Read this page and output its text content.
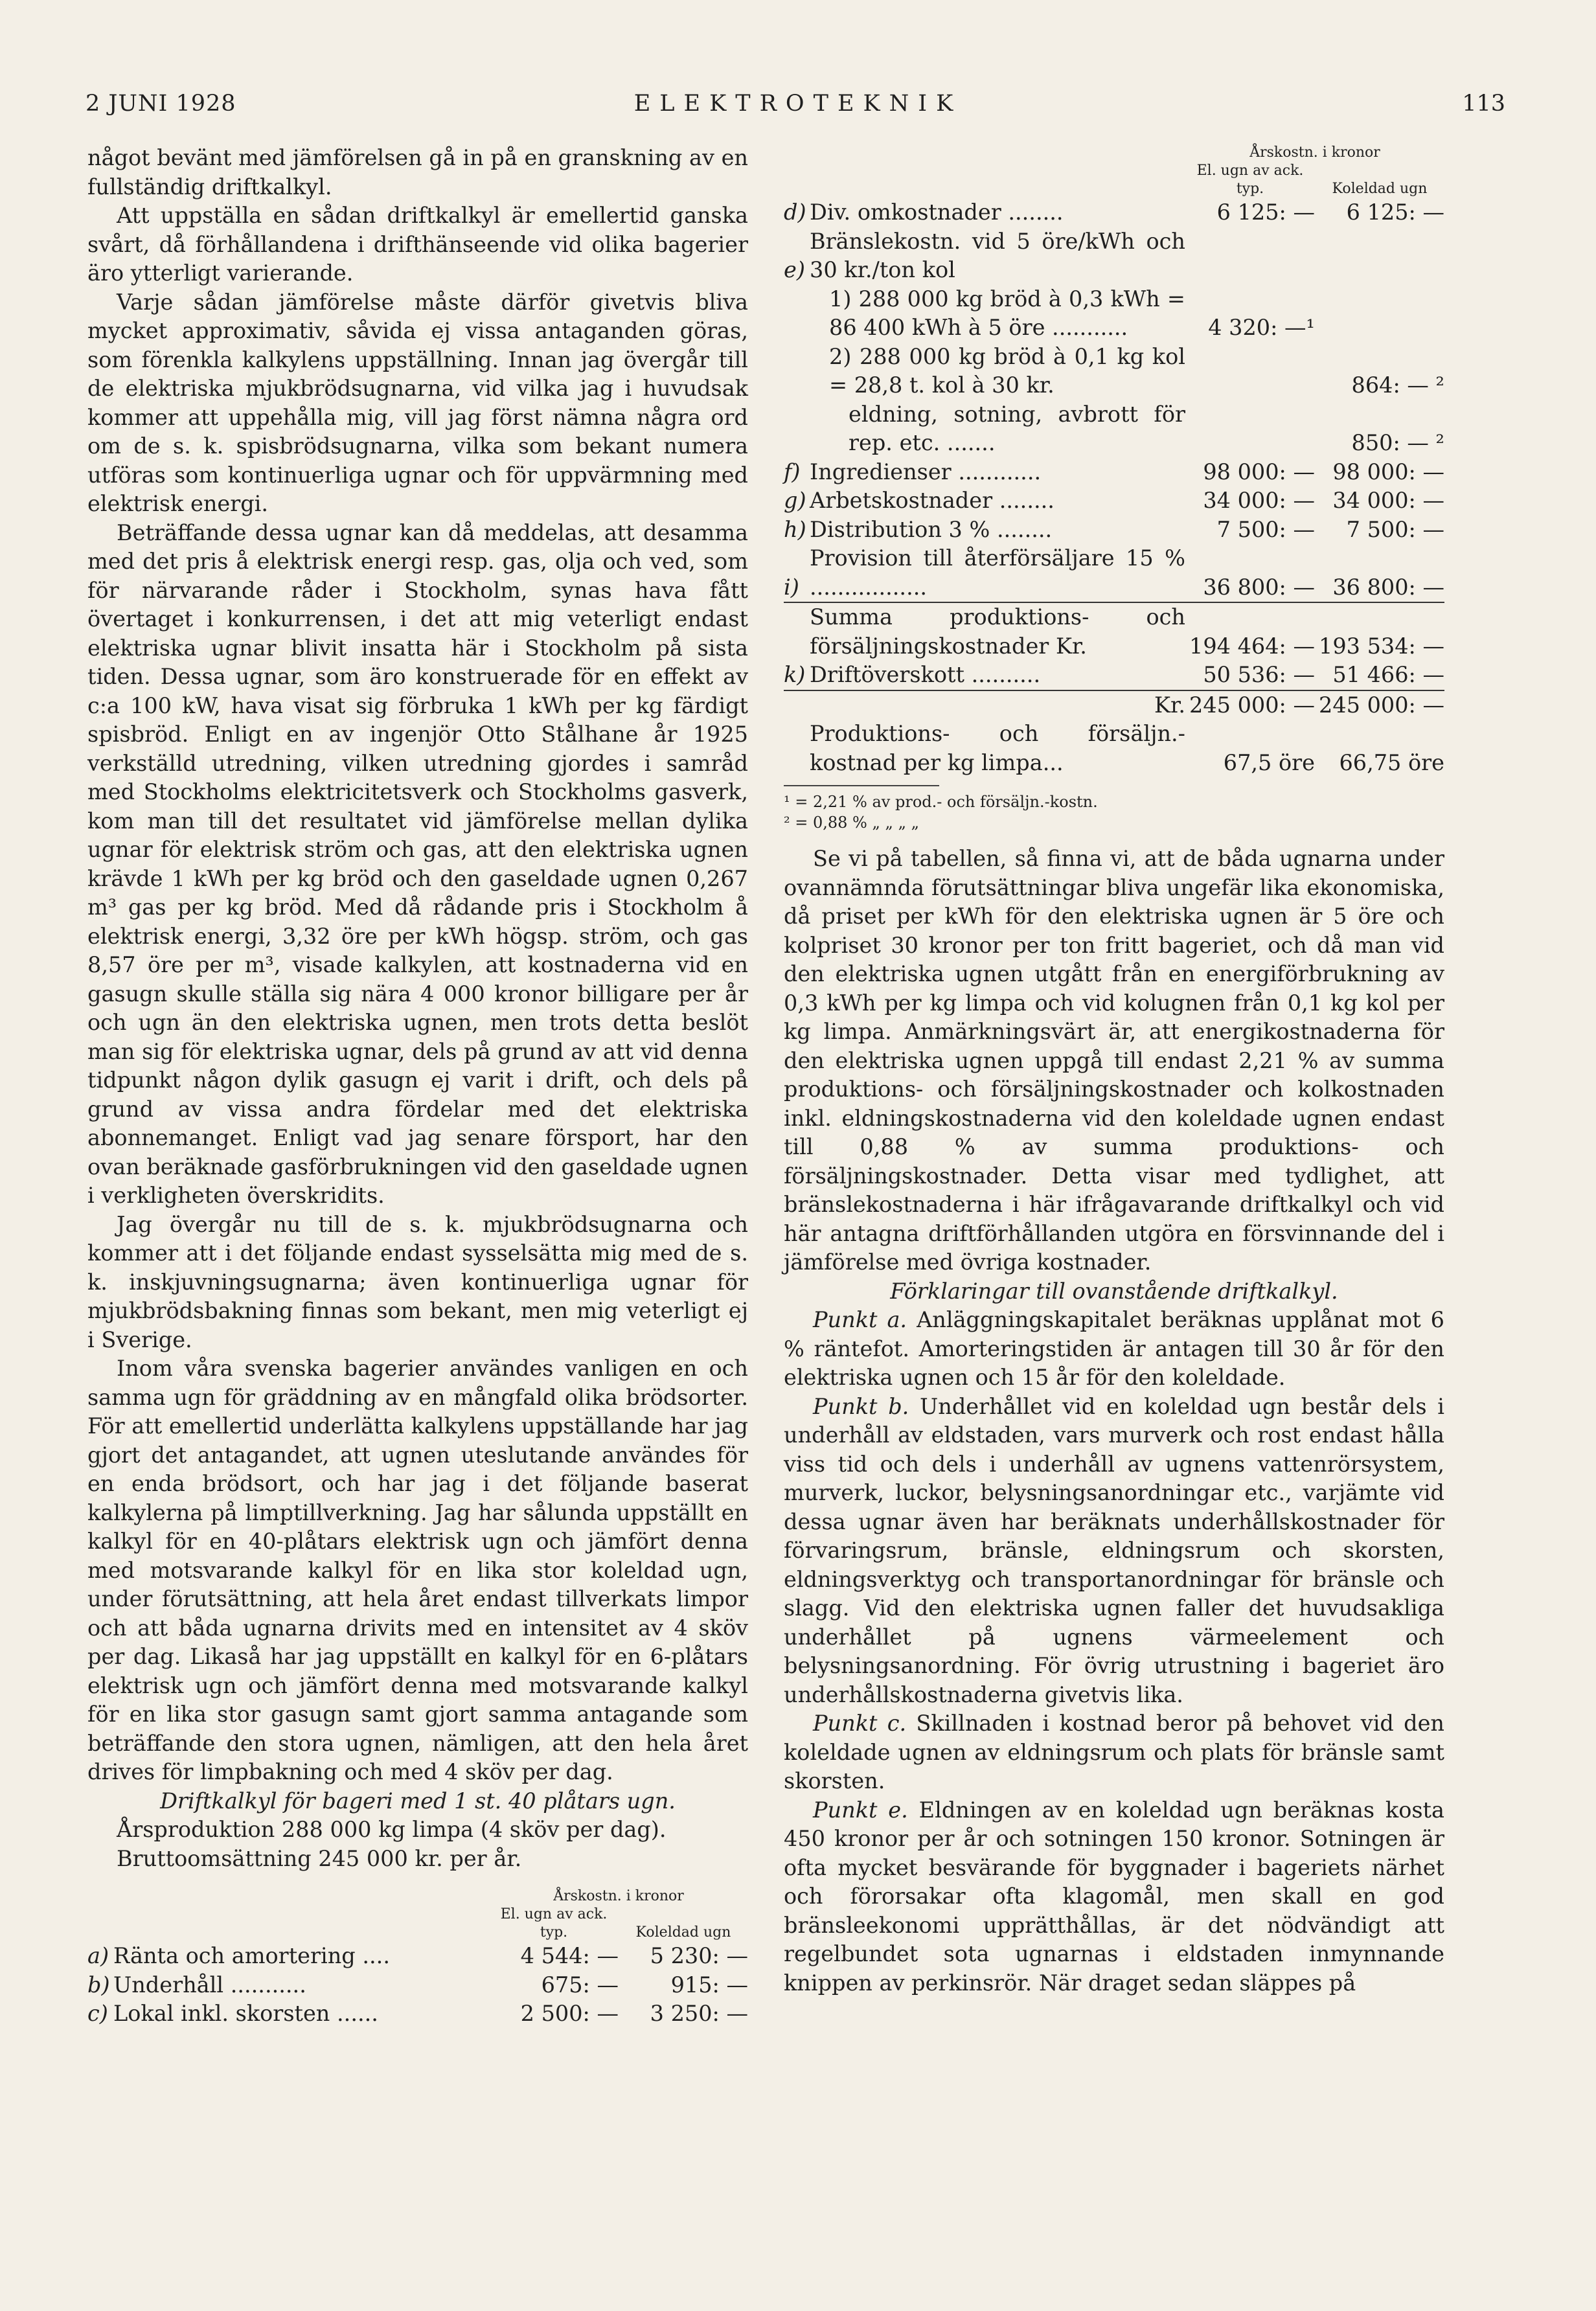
2 JUNI 1928	ELEKTROTEKNIK	113

något bevänt med jämförelsen gå in på en granskning av en fullständig driftkalkyl.

Att uppställa en sådan driftkalkyl är emellertid ganska svårt, då förhållandena i drifthänseende vid olika bagerier äro ytterligt varierande.

Varje sådan jämförelse måste därför givetvis bliva mycket approximativ, såvida ej vissa antaganden göras, som förenkla kalkylens uppställning. Innan jag övergår till de elektriska mjukbrödsugnarna, vid vilka jag i huvudsak kommer att uppehålla mig, vill jag först nämna några ord om de s. k. spisbrödsugnarna, vilka som bekant numera utföras som kontinuerliga ugnar och för uppvärmning med elektrisk energi.

Beträffande dessa ugnar kan då meddelas, att desamma med det pris å elektrisk energi resp. gas, olja och ved, som för närvarande råder i Stockholm, synas hava fått övertaget i konkurrensen, i det att mig veterligt endast elektriska ugnar blivit insatta här i Stockholm på sista tiden. Dessa ugnar, som äro konstruerade för en effekt av c:a 100 kW, hava visat sig förbruka 1 kWh per kg färdigt spisbröd. Enligt en av ingenjör Otto Stålhane år 1925 verkställd utredning, vilken utredning gjordes i samråd med Stockholms elektricitetsverk och Stockholms gasverk, kom man till det resultatet vid jämförelse mellan dylika ugnar för elektrisk ström och gas, att den elektriska ugnen krävde 1 kWh per kg bröd och den gaseldade ugnen 0,267 m³ gas per kg bröd. Med då rådande pris i Stockholm å elektrisk energi, 3,32 öre per kWh högsp. ström, och gas 8,57 öre per m³, visade kalkylen, att kostnaderna vid en gasugn skulle ställa sig nära 4 000 kronor billigare per år och ugn än den elektriska ugnen, men trots detta beslöt man sig för elektriska ugnar, dels på grund av att vid denna tidpunkt någon dylik gasugn ej varit i drift, och dels på grund av vissa andra fördelar med det elektriska abonnemanget. Enligt vad jag senare försport, har den ovan beräknade gasförbrukningen vid den gaseldade ugnen i verkligheten överskridits.

Jag övergår nu till de s. k. mjukbrödsugnarna och kommer att i det följande endast sysselsätta mig med de s. k. inskjuvningsugnarna; även kontinuerliga ugnar för mjukbrödsbakning finnas som bekant, men mig veterligt ej i Sverige.

Inom våra svenska bagerier användes vanligen en och samma ugn för gräddning av en mångfald olika brödsorter. För att emellertid underlätta kalkylens uppställande har jag gjort det antagandet, att ugnen uteslutande användes för en enda brödsort, och har jag i det följande baserat kalkylerna på limptillverkning. Jag har sålunda uppställt en kalkyl för en 40-plåtars elektrisk ugn och jämfört denna med motsvarande kalkyl för en lika stor koleldad ugn, under förutsättning, att hela året endast tillverkats limpor och att båda ugnarna drivits med en intensitet av 4 sköv per dag. Likaså har jag uppställt en kalkyl för en 6-plåtars elektrisk ugn och jämfört denna med motsvarande kalkyl för en lika stor gasugn samt gjort samma antagande som beträffande den stora ugnen, nämligen, att den hela året drives för limpbakning och med 4 sköv per dag.

Driftkalkyl för bageri med 1 st. 40 plåtars ugn.

Årsproduktion 288 000 kg limpa (4 sköv per dag).

Bruttoomsättning 245 000 kr. per år.

		Årskostn. i kronor	
		El. ugn av ack. typ.	Koleldad ugn
a)	Ränta och amortering ....	4 544: —	5 230: —
b)	Underhåll ...........	675: —	915: —
c)	Lokal inkl. skorsten ......	2 500: —	3 250: —
		Årskostn. i kronor	
		El. ugn av ack. typ.	Koleldad ugn
d)	Div. omkostnader ........	6 125: —	6 125: —
e)	Bränslekostn. vid 5 öre/kWh och 30 kr./ton kol		
	1) 288 000 kg bröd à 0,3 kWh = 86 400 kWh à 5 öre ...........	4 320: —¹	
	2) 288 000 kg bröd à 0,1 kg kol = 28,8 t. kol à 30 kr.		864: — ²
	eldning, sotning, avbrott för rep. etc. .......		850: — ²
f)	Ingredienser ............	98 000: —	98 000: —
g)	Arbetskostnader ........	34 000: —	34 000: —
h)	Distribution 3 % ........	7 500: —	7 500: —
i)	Provision till återförsäljare 15 % .................	36 800: —	36 800: —
	Summa produktions- och försäljningskostnader Kr.	194 464: —	193 534: —
k)	Driftöverskott ..........	50 536: —	51 466: —
	Kr.	245 000: —	245 000: —
	Produktions- och försäljn.-kostnad per kg limpa...	67,5 öre	66,75 öre
¹ = 2,21 % av prod.- och försäljn.-kostn.
² = 0,88 % „ „ „ „

Se vi på tabellen, så finna vi, att de båda ugnarna under ovannämnda förutsättningar bliva ungefär lika ekonomiska, då priset per kWh för den elektriska ugnen är 5 öre och kolpriset 30 kronor per ton fritt bageriet, och då man vid den elektriska ugnen utgått från en energiförbrukning av 0,3 kWh per kg limpa och vid kolugnen från 0,1 kg kol per kg limpa. Anmärkningsvärt är, att energikostnaderna för den elektriska ugnen uppgå till endast 2,21 % av summa produktions- och försäljningskostnader och kolkostnaden inkl. eldningskostnaderna vid den koleldade ugnen endast till 0,88 % av summa produktions- och försäljningskostnader. Detta visar med tydlighet, att bränslekostnaderna i här ifrågavarande driftkalkyl och vid här antagna driftförhållanden utgöra en försvinnande del i jämförelse med övriga kostnader.

Förklaringar till ovanstående driftkalkyl.

Punkt a. Anläggningskapitalet beräknas upplånat mot 6 % räntefot. Amorteringstiden är antagen till 30 år för den elektriska ugnen och 15 år för den koleldade.

Punkt b. Underhållet vid en koleldad ugn består dels i underhåll av eldstaden, vars murverk och rost endast hålla viss tid och dels i underhåll av ugnens vattenrörsystem, murverk, luckor, belysningsanordningar etc., varjämte vid dessa ugnar även har beräknats underhållskostnader för förvaringsrum, bränsle, eldningsrum och skorsten, eldningsverktyg och transportanordningar för bränsle och slagg. Vid den elektriska ugnen faller det huvudsakliga underhållet på ugnens värmeelement och belysningsanordning. För övrig utrustning i bageriet äro underhållskostnaderna givetvis lika.

Punkt c. Skillnaden i kostnad beror på behovet vid den koleldade ugnen av eldningsrum och plats för bränsle samt skorsten.

Punkt e. Eldningen av en koleldad ugn beräknas kosta 450 kronor per år och sotningen 150 kronor. Sotningen är ofta mycket besvärande för byggnader i bageriets närhet och förorsakar ofta klagomål, men skall en god bränsleekonomi upprätthållas, är det nödvändigt att regelbundet sota ugnarnas i eldstaden inmynnande knippen av perkinsrör. När draget sedan släppes på
